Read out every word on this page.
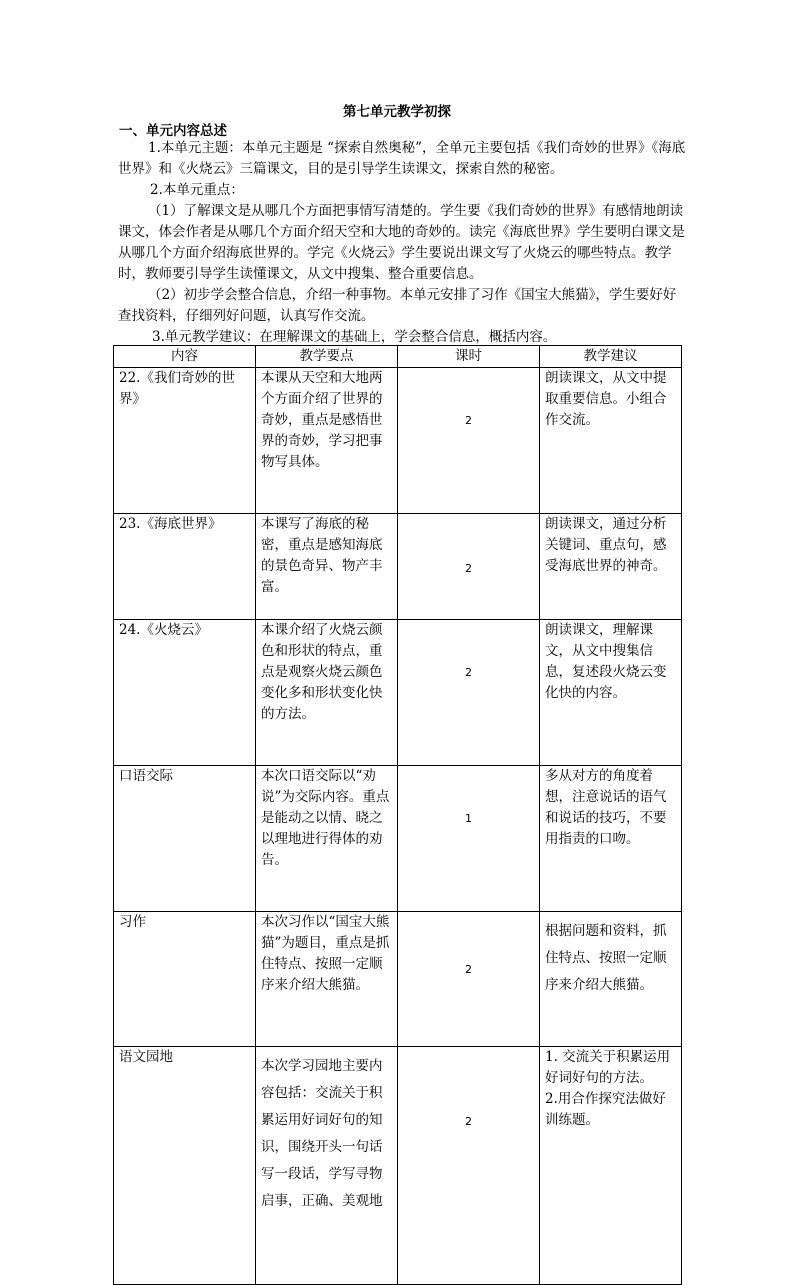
第七单元教学初探
一、单元内容总述
1.本单元主题：本单元主题是 “探索自然奥秘”，全单元主要包括《我们奇妙的世界》《海底世界》和《火烧云》三篇课文，目的是引导学生读课文，探索自然的秘密。
2.本单元重点：
（1）了解课文是从哪几个方面把事情写清楚的。学生要《我们奇妙的世界》有感情地朗读课文，体会作者是从哪几个方面介绍天空和大地的奇妙的。读完《海底世界》学生要明白课文是从哪几个方面介绍海底世界的。学完《火烧云》学生要说出课文写了火烧云的哪些特点。教学时，教师要引导学生读懂课文，从文中搜集、整合重要信息。
（2）初步学会整合信息，介绍一种事物。本单元安排了习作《国宝大熊猫》，学生要好好查找资料，仔细列好问题，认真写作交流。
3.单元教学建议：在理解课文的基础上，学会整合信息，概括内容。
内容	教学要点	课时	教学建议
22.《我们奇妙的世界》	本课从天空和大地两个方面介绍了世界的奇妙，重点是感悟世界的奇妙，学习把事物写具体。	2	朗读课文，从文中提取重要信息。小组合作交流。
23.《海底世界》	本课写了海底的秘密，重点是感知海底的景色奇异、物产丰富。	2	朗读课文，通过分析关键词、重点句，感受海底世界的神奇。
24.《火烧云》	本课介绍了火烧云颜色和形状的特点，重点是观察火烧云颜色变化多和形状变化快的方法。	2	朗读课文，理解课文，从文中搜集信息，复述段火烧云变化快的内容。
口语交际	本次口语交际以“劝说”为交际内容。重点是能动之以情、晓之以理地进行得体的劝告。	1	多从对方的角度着想，注意说话的语气和说话的技巧，不要用指责的口吻。
习作	本次习作以“国宝大熊猫”为题目，重点是抓住特点、按照一定顺序来介绍大熊猫。	2	根据问题和资料，抓住特点、按照一定顺序来介绍大熊猫。
语文园地	本次学习园地主要内容包括：交流关于积累运用好词好句的知识，围绕开头一句话写一段话，学写寻物启事，正确、美观地	2	1. 交流关于积累运用好词好句的方法。
2.用合作探究法做好训练题。
